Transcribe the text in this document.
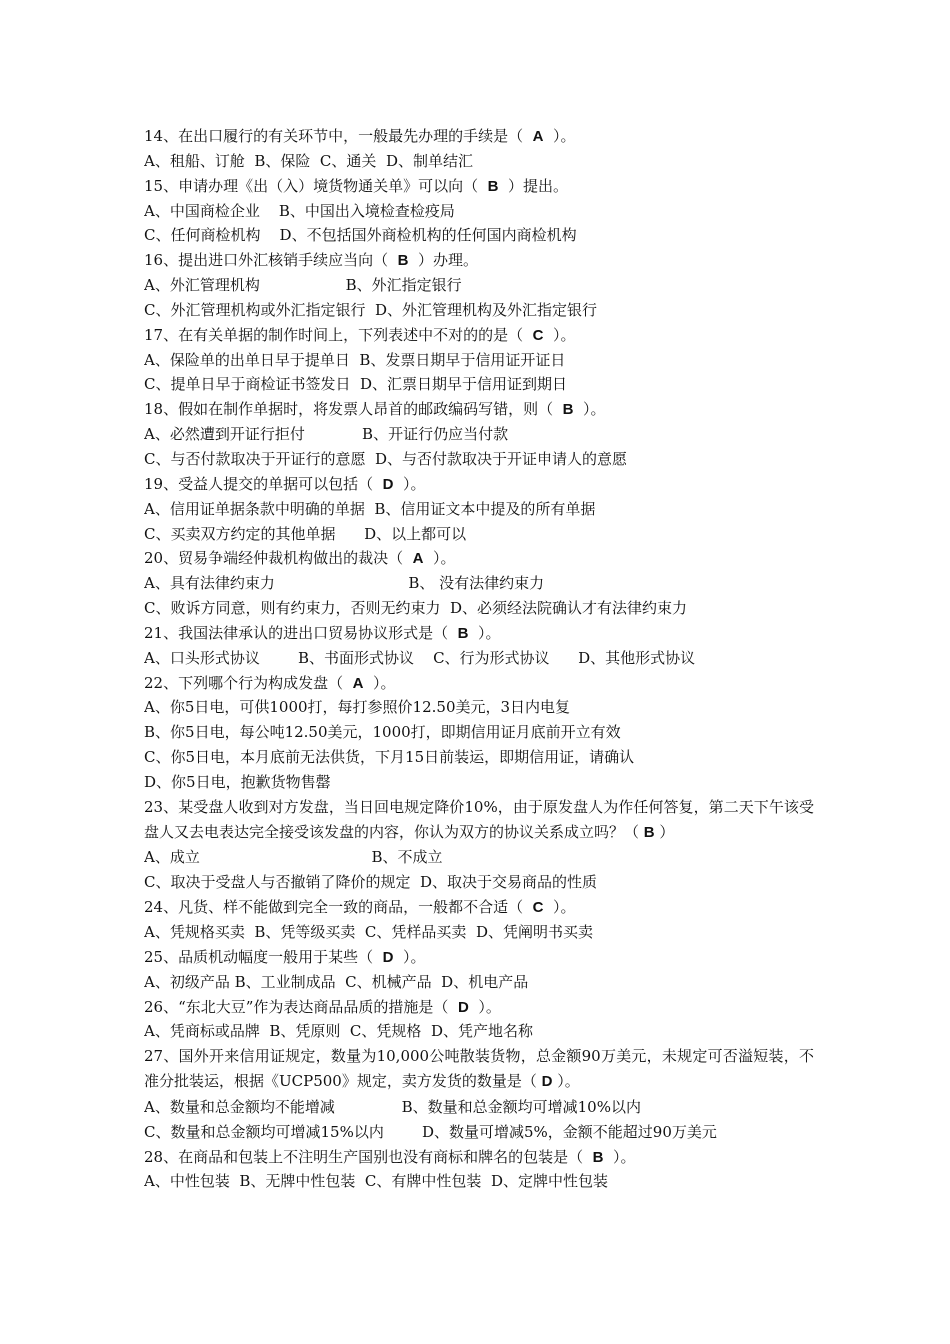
14、在出口履行的有关环节中，一般最先办理的手续是（  A  ）。
A、租船、订舱  B、保险  C、通关  D、制单结汇
15、申请办理《出（入）境货物通关单》可以向（  B  ）提出。
A、中国商检企业    B、中国出入境检查检疫局
C、任何商检机构    D、不包括国外商检机构的任何国内商检机构
16、提出进口外汇核销手续应当向（  B  ）办理。
A、外汇管理机构                  B、外汇指定银行
C、外汇管理机构或外汇指定银行  D、外汇管理机构及外汇指定银行
17、在有关单据的制作时间上，下列表述中不对的的是（  C  ）。
A、保险单的出单日早于提单日  B、发票日期早于信用证开证日
C、提单日早于商检证书签发日  D、汇票日期早于信用证到期日
18、假如在制作单据时，将发票人昂首的邮政编码写错，则（  B  ）。
A、必然遭到开证行拒付            B、开证行仍应当付款
C、与否付款取决于开证行的意愿  D、与否付款取决于开证申请人的意愿
19、受益人提交的单据可以包括（  D  ）。
A、信用证单据条款中明确的单据  B、信用证文本中提及的所有单据
C、买卖双方约定的其他单据      D、以上都可以
20、贸易争端经仲裁机构做出的裁决（  A  ）。
A、具有法律约束力                            B、 没有法律约束力
C、败诉方同意，则有约束力，否则无约束力  D、必须经法院确认才有法律约束力
21、我国法律承认的进出口贸易协议形式是（  B  ）。
A、口头形式协议        B、书面形式协议    C、行为形式协议      D、其他形式协议
22、下列哪个行为构成发盘（  A  ）。
A、你5日电，可供1000打，每打参照价12.50美元，3日内电复
B、你5日电，每公吨12.50美元，1000打，即期信用证月底前开立有效
C、你5日电，本月底前无法供货，下月15日前装运，即期信用证，请确认
D、你5日电，抱歉货物售罄
23、某受盘人收到对方发盘，当日回电规定降价10%，由于原发盘人为作任何答复，第二天下午该受盘人又去电表达完全接受该发盘的内容，你认为双方的协议关系成立吗？（ B ）
A、成立                                    B、不成立
C、取决于受盘人与否撤销了降价的规定  D、取决于交易商品的性质
24、凡货、样不能做到完全一致的商品，一般都不合适（  C  ）。
A、凭规格买卖  B、凭等级买卖  C、凭样品买卖  D、凭阐明书买卖
25、品质机动幅度一般用于某些（  D  ）。
A、初级产品 B、工业制成品  C、机械产品  D、机电产品
26、“东北大豆”作为表达商品品质的措施是（  D  ）。
A、凭商标或品牌  B、凭原则  C、凭规格  D、凭产地名称
27、国外开来信用证规定，数量为10,000公吨散装货物，总金额90万美元，未规定可否溢短装，不准分批装运，根据《UCP500》规定，卖方发货的数量是（ D ）。
A、数量和总金额均不能增减              B、数量和总金额均可增减10%以内
C、数量和总金额均可增减15%以内        D、数量可增减5%，金额不能超过90万美元
28、在商品和包装上不注明生产国别也没有商标和牌名的包装是（  B  ）。
A、中性包装  B、无牌中性包装  C、有牌中性包装  D、定牌中性包装
